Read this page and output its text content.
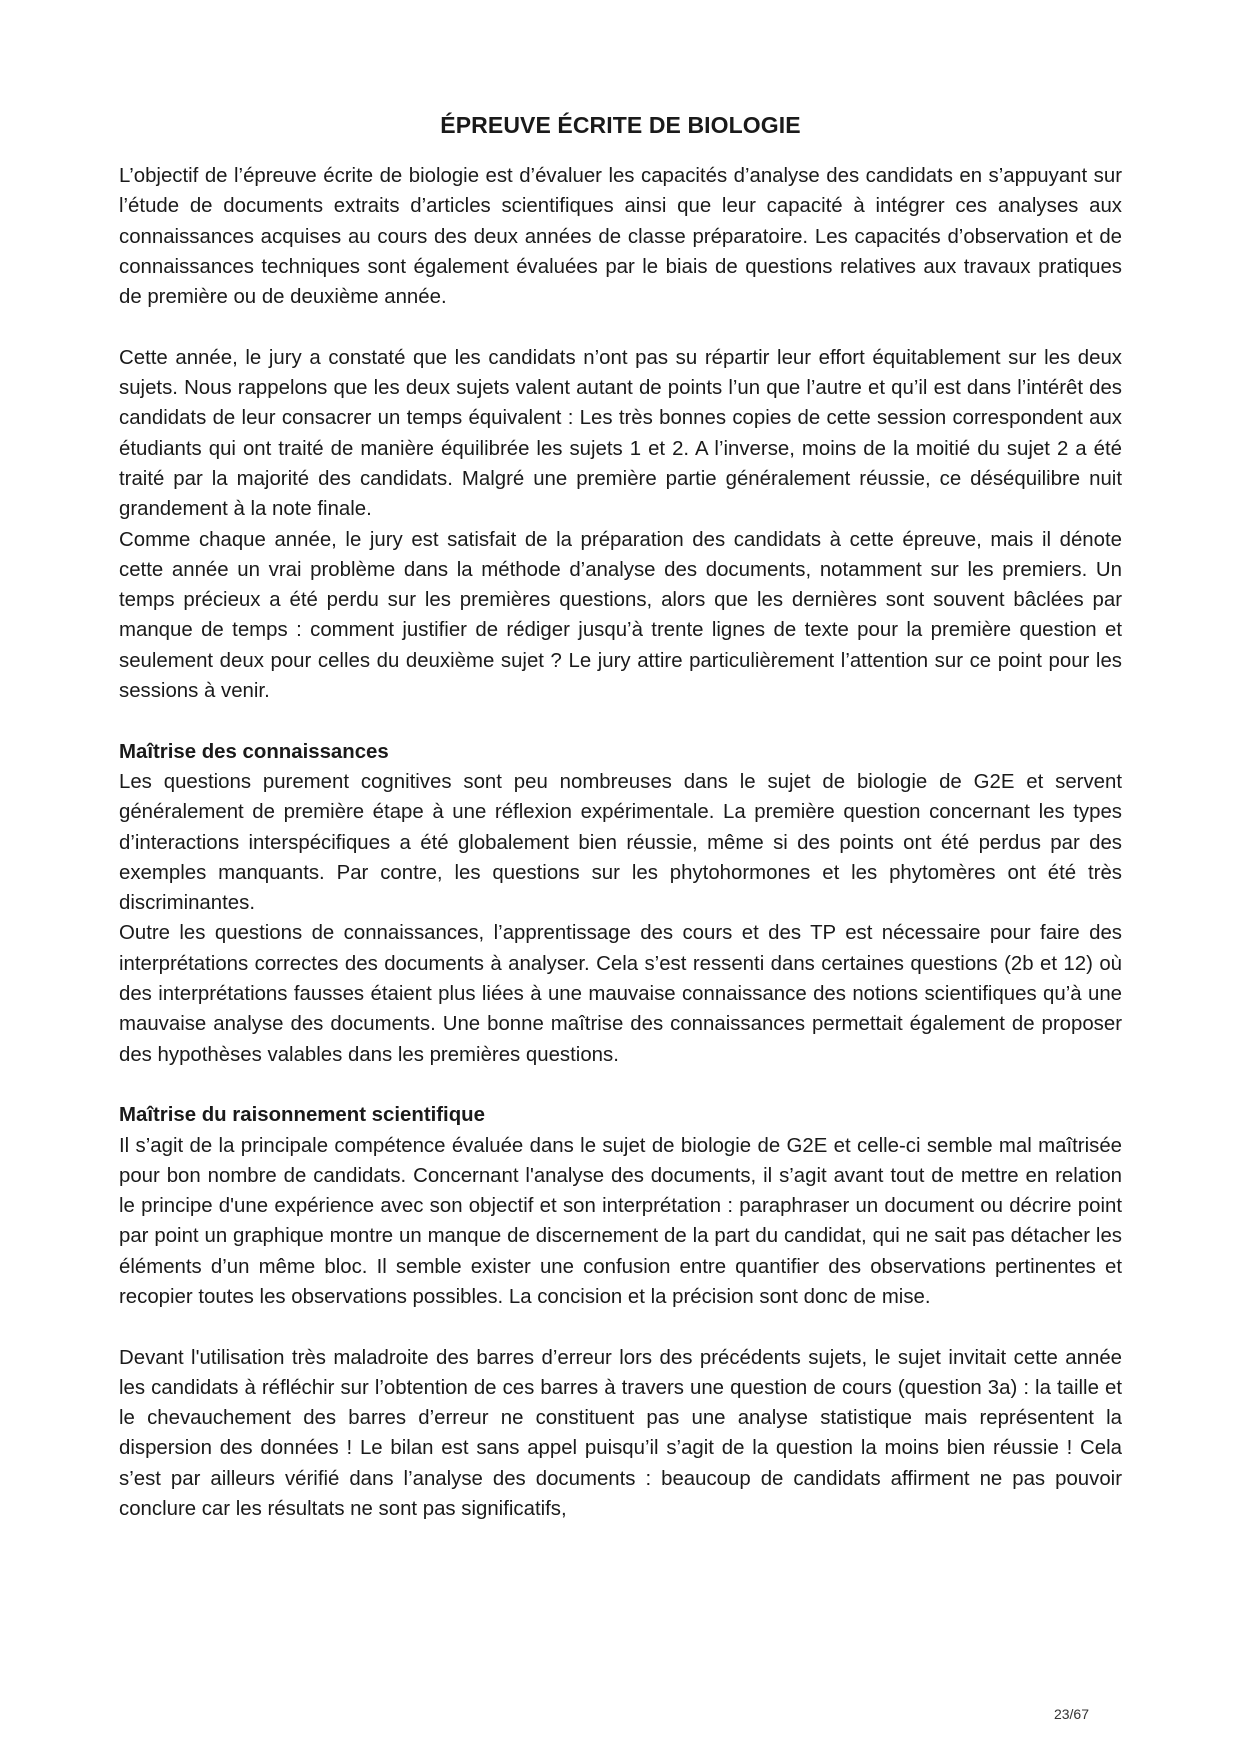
ÉPREUVE ÉCRITE DE BIOLOGIE

L’objectif de l’épreuve écrite de biologie est d’évaluer les capacités d’analyse des candidats en s’appuyant sur l’étude de documents extraits d’articles scientifiques ainsi que leur capacité à intégrer ces analyses aux connaissances acquises au cours des deux années de classe préparatoire. Les capacités d’observation et de connaissances techniques sont également évaluées par le biais de questions relatives aux travaux pratiques de première ou de deuxième année.

Cette année, le jury a constaté que les candidats n’ont pas su répartir leur effort équitablement sur les deux sujets. Nous rappelons que les deux sujets valent autant de points l’un que l’autre et qu’il est dans l’intérêt des candidats de leur consacrer un temps équivalent : Les très bonnes copies de cette session correspondent aux étudiants qui ont traité de manière équilibrée les sujets 1 et 2. A l’inverse, moins de la moitié du sujet 2 a été traité par la majorité des candidats. Malgré une première partie généralement réussie, ce déséquilibre nuit grandement à la note finale.

Comme chaque année, le jury est satisfait de la préparation des candidats à cette épreuve, mais il dénote cette année un vrai problème dans la méthode d’analyse des documents, notamment sur les premiers. Un temps précieux a été perdu sur les premières questions, alors que les dernières sont souvent bâclées par manque de temps : comment justifier de rédiger jusqu’à trente lignes de texte pour la première question et seulement deux pour celles du deuxième sujet ? Le jury attire particulièrement l’attention sur ce point pour les sessions à venir.

Maîtrise des connaissances

Les questions purement cognitives sont peu nombreuses dans le sujet de biologie de G2E et servent généralement de première étape à une réflexion expérimentale. La première question concernant les types d’interactions interspécifiques a été globalement bien réussie, même si des points ont été perdus par des exemples manquants. Par contre, les questions sur les phytohormones et les phytomères ont été très discriminantes.

Outre les questions de connaissances, l’apprentissage des cours et des TP est nécessaire pour faire des interprétations correctes des documents à analyser. Cela s’est ressenti dans certaines questions (2b et 12) où des interprétations fausses étaient plus liées à une mauvaise connaissance des notions scientifiques qu’à une mauvaise analyse des documents. Une bonne maîtrise des connaissances permettait également de proposer des hypothèses valables dans les premières questions.

Maîtrise du raisonnement scientifique

Il s’agit de la principale compétence évaluée dans le sujet de biologie de G2E et celle-ci semble mal maîtrisée pour bon nombre de candidats. Concernant l'analyse des documents, il s’agit avant tout de mettre en relation le principe d'une expérience avec son objectif et son interprétation : paraphraser un document ou décrire point par point un graphique montre un manque de discernement de la part du candidat, qui ne sait pas détacher les éléments d’un même bloc. Il semble exister une confusion entre quantifier des observations pertinentes et recopier toutes les observations possibles. La concision et la précision sont donc de mise.

Devant l'utilisation très maladroite des barres d’erreur lors des précédents sujets, le sujet invitait cette année les candidats à réfléchir sur l’obtention de ces barres à travers une question de cours (question 3a) : la taille et le chevauchement des barres d’erreur ne constituent pas une analyse statistique mais représentent la dispersion des données ! Le bilan est sans appel puisqu’il s’agit de la question la moins bien réussie ! Cela s’est par ailleurs vérifié dans l’analyse des documents : beaucoup de candidats affirment ne pas pouvoir conclure car les résultats ne sont pas significatifs,

23/67
